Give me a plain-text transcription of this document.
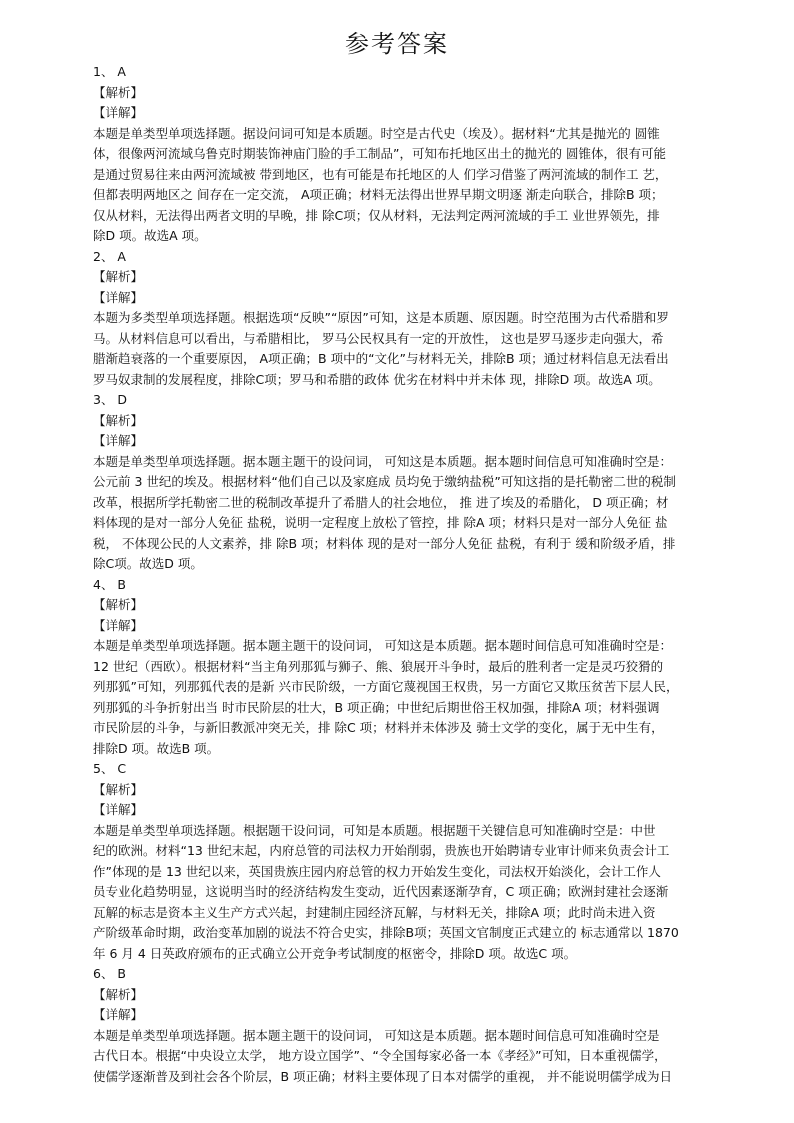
参考答案
1、 A
【解析】
【详解】
本题是单类型单项选择题。据设问词可知是本质题。时空是古代史（埃及）。据材料“尤其是抛光的 圆锥
体，很像两河流域乌鲁克时期装饰神庙门脸的手工制品”，可知布托地区出土的抛光的 圆锥体，很有可能
是通过贸易往来由两河流域被 带到地区，也有可能是布托地区的人 们学习借鉴了两河流域的制作工 艺，
但都表明两地区之 间存在一定交流， A项正确；材料无法得出世界早期文明逐 渐走向联合，排除B 项；
仅从材料，无法得出两者文明的早晚，排 除C项；仅从材料，无法判定两河流域的手工 业世界领先，排
除D 项。故选A 项。
2、 A
【解析】
【详解】
本题为多类型单项选择题。根据选项“反映”“原因”可知，这是本质题、原因题。时空范围为古代希腊和罗
马。从材料信息可以看出，与希腊相比， 罗马公民权具有一定的开放性， 这也是罗马逐步走向强大，希
腊渐趋衰落的一个重要原因， A项正确；B 项中的“文化”与材料无关，排除B 项；通过材料信息无法看出
罗马奴隶制的发展程度，排除C项；罗马和希腊的政体 优劣在材料中并未体 现，排除D 项。故选A 项。
3、 D
【解析】
【详解】
本题是单类型单项选择题。据本题主题干的设问词， 可知这是本质题。据本题时间信息可知准确时空是：
公元前 3 世纪的埃及。根据材料“他们自己以及家庭成 员均免于缴纳盐税”可知这指的是托勒密二世的税制
改革，根据所学托勒密二世的税制改革提升了希腊人的社会地位， 推 进了埃及的希腊化， D 项正确；材
料体现的是对一部分人免征 盐税，说明一定程度上放松了管控，排 除A 项；材料只是对一部分人免征 盐
税， 不体现公民的人文素养，排 除B 项；材料体 现的是对一部分人免征 盐税，有利于 缓和阶级矛盾，排
除C项。故选D 项。
4、 B
【解析】
【详解】
本题是单类型单项选择题。据本题主题干的设问词， 可知这是本质题。据本题时间信息可知准确时空是：
12 世纪（西欧）。根据材料“当主角列那狐与狮子、熊、狼展开斗争时，最后的胜利者一定是灵巧狡猾的
列那狐”可知，列那狐代表的是新 兴市民阶级，一方面它蔑视国王权贵，另一方面它又欺压贫苦下层人民，
列那狐的斗争折射出当 时市民阶层的壮大，B 项正确；中世纪后期世俗王权加强，排除A 项；材料强调
市民阶层的斗争，与新旧教派冲突无关，排 除C 项；材料并未体涉及 骑士文学的变化，属于无中生有，
排除D 项。故选B 项。
5、 C
【解析】
【详解】
本题是单类型单项选择题。根据题干设问词，可知是本质题。根据题干关键信息可知准确时空是：中世
纪的欧洲。材料“13 世纪末起，内府总管的司法权力开始削弱，贵族也开始聘请专业审计师来负责会计工
作”体现的是 13 世纪以来，英国贵族庄园内府总管的权力开始发生变化，司法权开始淡化，会计工作人
员专业化趋势明显，这说明当时的经济结构发生变动，近代因素逐渐孕育，C 项正确；欧洲封建社会逐渐
瓦解的标志是资本主义生产方式兴起，封建制庄园经济瓦解，与材料无关，排除A 项；此时尚未进入资
产阶级革命时期，政治变革加剧的说法不符合史实，排除B项；英国文官制度正式建立的 标志通常以 1870
年 6 月 4 日英政府颁布的正式确立公开竞争考试制度的枢密令，排除D 项。故选C 项。
6、 B
【解析】
【详解】
本题是单类型单项选择题。据本题主题干的设问词， 可知这是本质题。据本题时间信息可知准确时空是
古代日本。根据“中央设立太学， 地方设立国学”、“令全国每家必备一本《孝经》”可知，日本重视儒学，
使儒学逐渐普及到社会各个阶层，B 项正确；材料主要体现了日本对儒学的重视， 并不能说明儒学成为日
